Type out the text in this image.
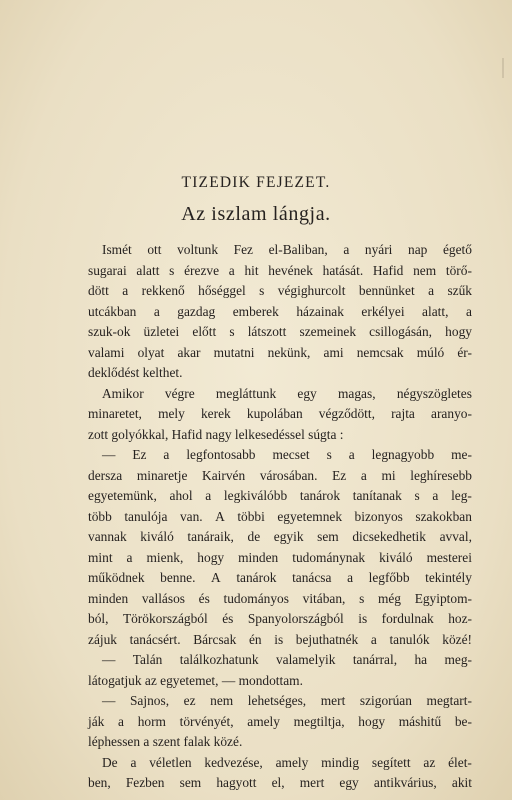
TIZEDIK FEJEZET.
Az iszlam lángja.
Ismét ott voltunk Fez el-Baliban, a nyári nap égető
sugarai alatt s érezve a hit hevének hatását. Hafid nem törő-
dött a rekkenő hőséggel s végighurcolt bennünket a szűk
utcákban a gazdag emberek házainak erkélyei alatt, a
szuk-ok üzletei előtt s látszott szemeinek csillogásán, hogy
valami olyat akar mutatni nekünk, ami nemcsak múló ér-
deklődést kelthet.
Amikor végre megláttunk egy magas, négyszögletes
minaretet, mely kerek kupolában végződött, rajta aranyo-
zott golyókkal, Hafid nagy lelkesedéssel súgta :
— Ez a legfontosabb mecset s a legnagyobb me-
dersza minaretje Kairvén városában. Ez a mi leghíresebb
egyetemünk, ahol a legkiválóbb tanárok tanítanak s a leg-
több tanulója van. A többi egyetemnek bizonyos szakokban
vannak kiváló tanáraik, de egyik sem dicsekedhetik avval,
mint a mienk, hogy minden tudománynak kiváló mesterei
működnek benne. A tanárok tanácsa a legfőbb tekintély
minden vallásos és tudományos vitában, s még Egyiptom-
ból, Törökországból és Spanyolországból is fordulnak hoz-
zájuk tanácsért. Bárcsak én is bejuthatnék a tanulók közé!
— Talán találkozhatunk valamelyik tanárral, ha meg-
látogatjuk az egyetemet, — mondottam.
— Sajnos, ez nem lehetséges, mert szigorúan megtart-
ják a horm törvényét, amely megtiltja, hogy máshitű be-
léphessen a szent falak közé.
De a véletlen kedvezése, amely mindig segített az élet-
ben, Fezben sem hagyott el, mert egy antikvárius, akit
